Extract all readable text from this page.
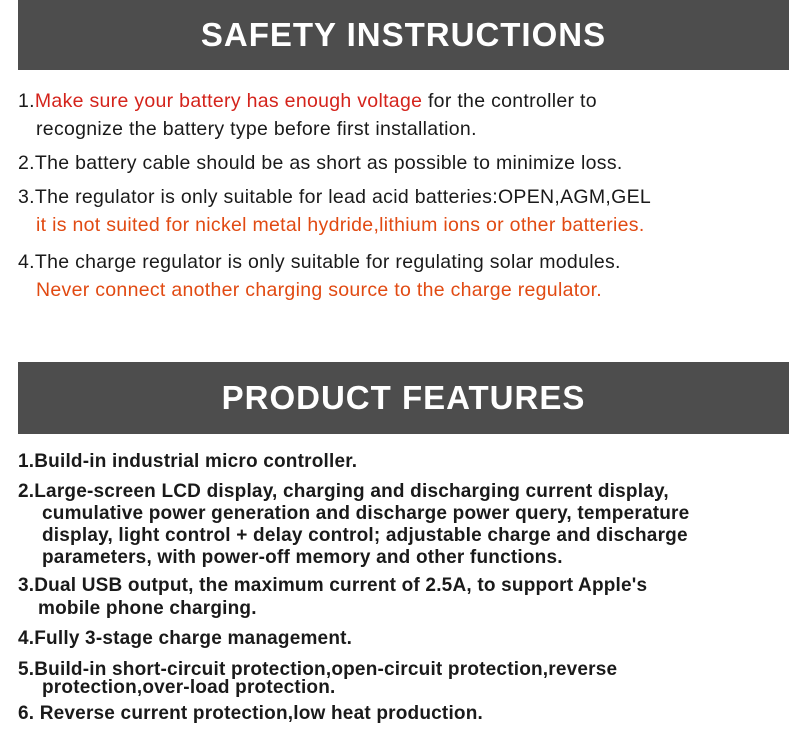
SAFETY INSTRUCTIONS
1.Make sure your battery has enough voltage for the controller to
recognize the battery type before first installation.
2.The battery cable should be as short as possible to minimize loss.
3.The regulator is only suitable for lead acid batteries:OPEN,AGM,GEL
it is not suited for nickel metal hydride,lithium ions or other batteries.
4.The charge regulator is only suitable for regulating solar modules.
Never connect another charging source to the charge regulator.
PRODUCT FEATURES
1.Build-in industrial micro controller.
2.Large-screen LCD display, charging and discharging current display,
cumulative power generation and discharge power query, temperature
display, light control + delay control; adjustable charge and discharge
parameters, with power-off memory and other functions.
3.Dual USB output, the maximum current of 2.5A, to support Apple's
mobile phone charging.
4.Fully 3-stage charge management.
5.Build-in short-circuit protection,open-circuit protection,reverse
protection,over-load protection.
6. Reverse current protection,low heat production.
